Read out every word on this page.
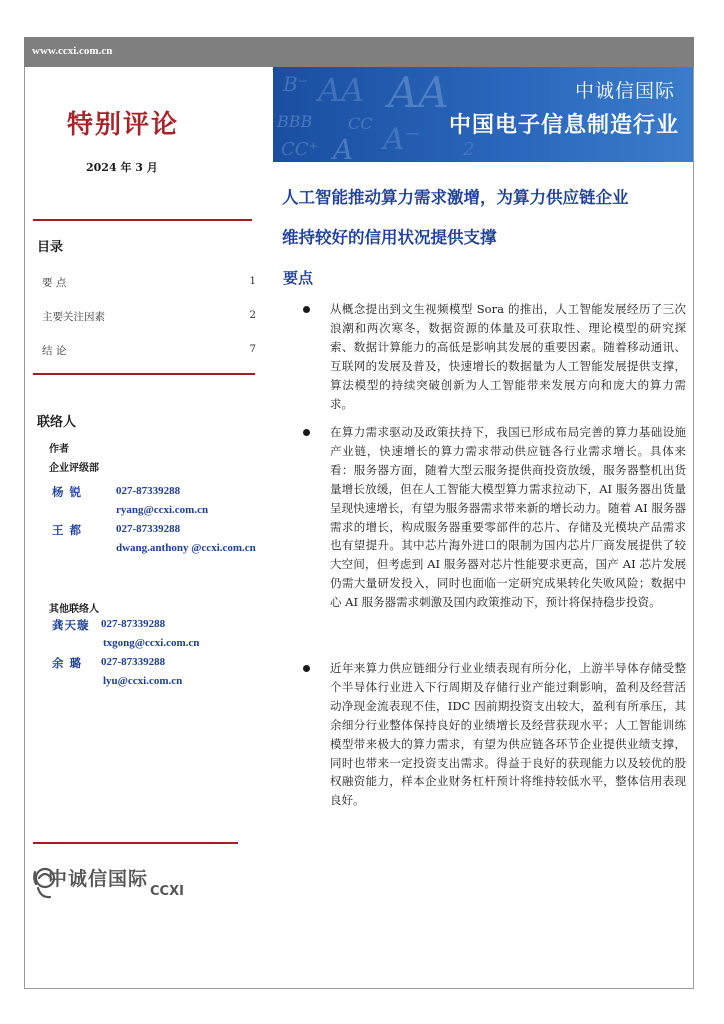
www.ccxi.com.cn
B⁻ AA AA
BBB CC A⁻
CC⁺ A	2
中诚信国际
中国电子信息制造行业
特别评论
2024 年 3 月
目录
要 点	1
主要关注因素	2
结 论	7
联络人
作者
企业评级部
杨 锐	027-87339288
ryang@ccxi.com.cn
王 都	027-87339288
dwang.anthony @ccxi.com.cn
其他联络人
龚天璇 027-87339288
txgong@ccxi.com.cn
余 璐 027-87339288
lyu@ccxi.com.cn
人工智能推动算力需求激增，为算力供应链企业
维持较好的信用状况提供支撑
要点

从概念提出到文生视频模型 Sora 的推出，人工智能发展经历了三次浪潮和两次寒冬，数据资源的体量及可获取性、理论模型的研究探索、数据计算能力的高低是影响其发展的重要因素。随着移动通讯、互联网的发展及普及，快速增长的数据量为人工智能发展提供支撑，算法模型的持续突破创新为人工智能带来发展方向和庞大的算力需求。

在算力需求驱动及政策扶持下，我国已形成布局完善的算力基础设施产业链，快速增长的算力需求带动供应链各行业需求增长。具体来看：服务器方面，随着大型云服务提供商投资放缓，服务器整机出货量增长放缓，但在人工智能大模型算力需求拉动下，AI 服务器出货量呈现快速增长，有望为服务器需求带来新的增长动力。随着 AI 服务器需求的增长，构成服务器重要零部件的芯片、存储及光模块产品需求也有望提升。其中芯片海外进口的限制为国内芯片厂商发展提供了较大空间，但考虑到 AI 服务器对芯片性能要求更高，国产 AI 芯片发展仍需大量研发投入，同时也面临一定研究成果转化失败风险；数据中心 AI 服务器需求刺激及国内政策推动下，预计将保持稳步投资。

近年来算力供应链细分行业业绩表现有所分化，上游半导体存储受整个半导体行业进入下行周期及存储行业产能过剩影响，盈利及经营活动净现金流表现不佳，IDC 因前期投资支出较大，盈利有所承压，其余细分行业整体保持良好的业绩增长及经营获现水平；人工智能训练模型带来极大的算力需求，有望为供应链各环节企业提供业绩支撑，同时也带来一定投资支出需求。得益于良好的获现能力以及较优的股权融资能力，样本企业财务杠杆预计将维持较低水平，整体信用表现良好。

中诚信国际
CCXI
